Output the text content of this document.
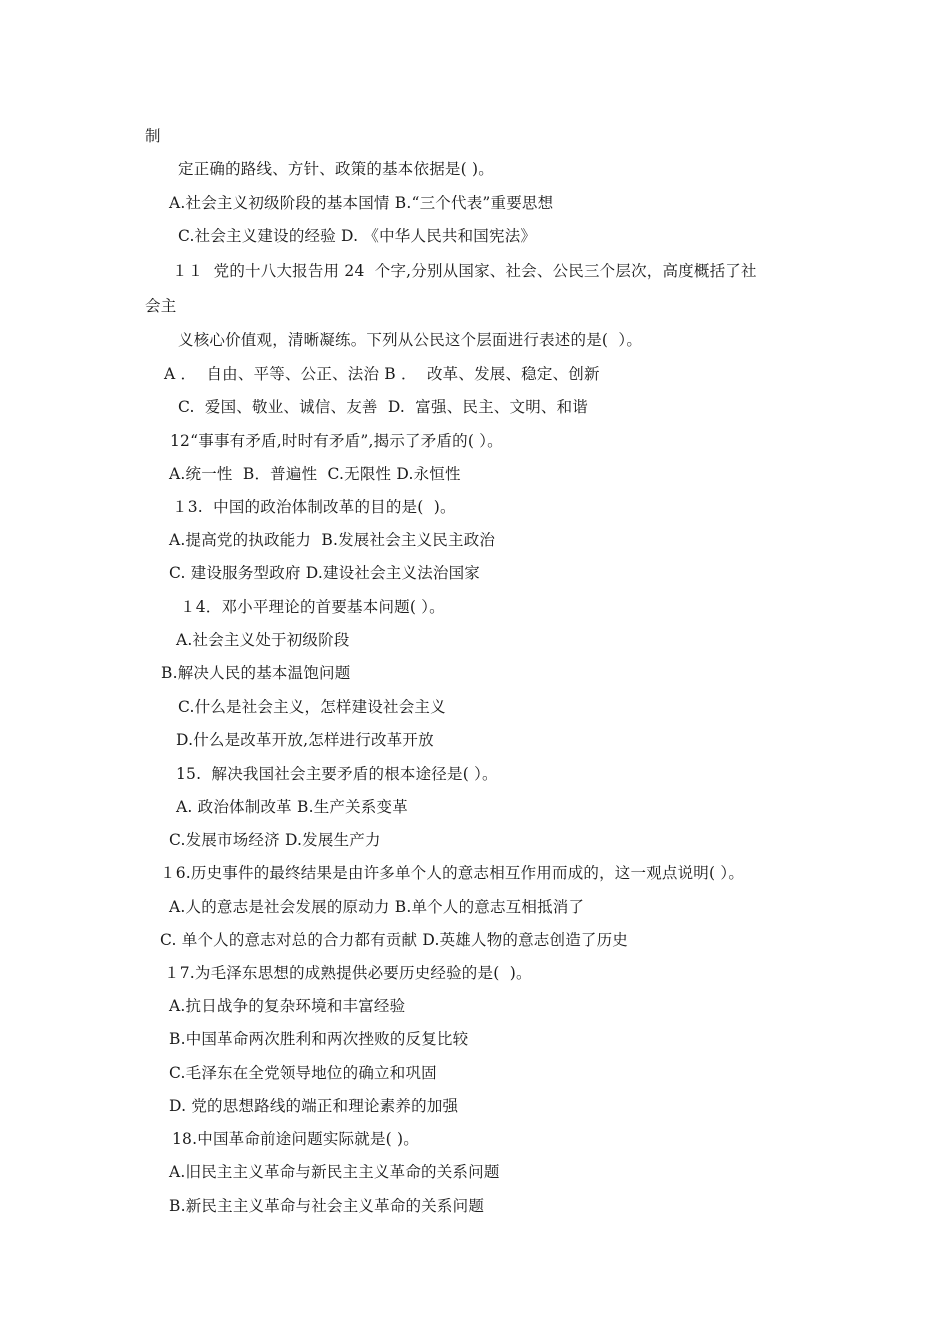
制
定正确的路线、方针、政策的基本依据是( )。
A.社会主义初级阶段的基本国情 B.“三个代表”重要思想
C.社会主义建设的经验 D. 《中华人民共和国宪法》
１１  党的十八大报告用 24  个字,分别从国家、社会、公民三个层次，高度概括了社
会主
义核心价值观，清晰凝练。下列从公民这个层面进行表述的是(  ）。
A ．  自由、平等、公正、法治 B ．  改革、发展、稳定、创新
C.  爱国、敬业、诚信、友善  D.  富强、民主、文明、和谐
12“事事有矛盾,时时有矛盾”,揭示了矛盾的( ）。
A.统一性  B．普遍性  C.无限性 D.永恒性
１3.  中国的政治体制改革的目的是(  )。
A.提高党的执政能力  B.发展社会主义民主政治
C. 建设服务型政府 D.建设社会主义法治国家
１4．邓小平理论的首要基本问题( ）。
A.社会主义处于初级阶段
B.解决人民的基本温饱问题
C.什么是社会主义，怎样建设社会主义
D.什么是改革开放,怎样进行改革开放
15.  解决我国社会主要矛盾的根本途径是( ）。
A. 政治体制改革 B.生产关系变革
C.发展市场经济 D.发展生产力
１6.历史事件的最终结果是由许多单个人的意志相互作用而成的，这一观点说明( ）。
A.人的意志是社会发展的原动力 B.单个人的意志互相抵消了
C. 单个人的意志对总的合力都有贡献 D.英雄人物的意志创造了历史
１7.为毛泽东思想的成熟提供必要历史经验的是(  )。
A.抗日战争的复杂环境和丰富经验
B.中国革命两次胜利和两次挫败的反复比较
C.毛泽东在全党领导地位的确立和巩固
D. 党的思想路线的端正和理论素养的加强
18.中国革命前途问题实际就是( )。
A.旧民主主义革命与新民主主义革命的关系问题
B.新民主主义革命与社会主义革命的关系问题
